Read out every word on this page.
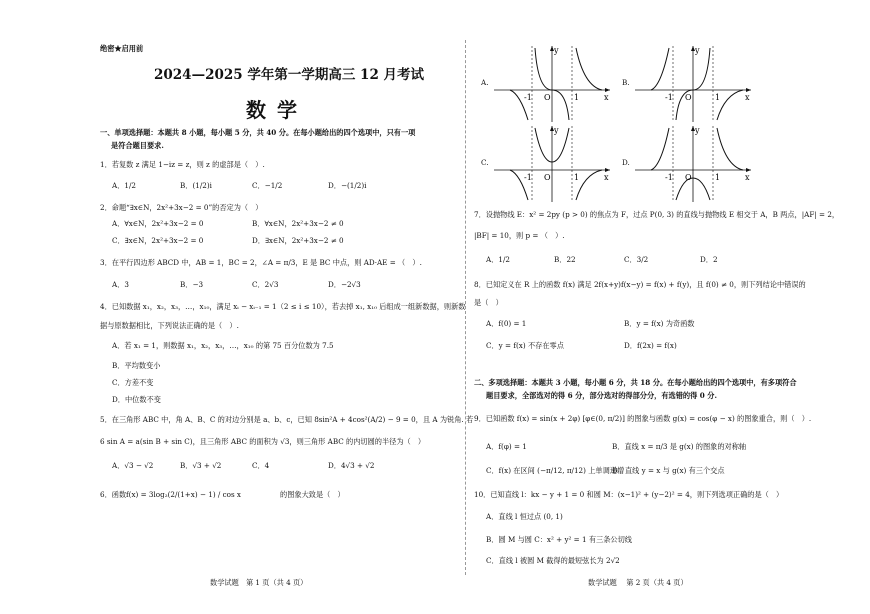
绝密★启用前
2024—2025 学年第一学期高三 12 月考试
数 学
一、单项选择题：本题共 8 小题，每小题 5 分，共 40 分。在每小题给出的四个选项中，只有一项
是符合题目要求.
1．若复数 z 满足 1−iz = z，则 z 的虚部是（　）.
A．1/2	B．(1/2)i	C．−1/2	D．−(1/2)i
2．命题“∃x∈N，2x²+3x−2 = 0”的否定为（　）
A．∀x∈N，2x²+3x−2 = 0	B．∀x∈N，2x²+3x−2 ≠ 0
C．∃x∈N，2x²+3x−2 = 0	D．∃x∈N，2x²+3x−2 ≠ 0
3．在平行四边形 ABCD 中，AB = 1，BC = 2，∠A = π/3，E 是 BC 中点，则 AD·AE = （　）.
A．3	B．−3	C．2√3	D．−2√3
4．已知数据 x₁，x₂，x₃，…，x₁₀，满足 xᵢ − xᵢ₋₁ = 1（2 ≤ i ≤ 10），若去掉 x₁, x₁₀ 后组成一组新数据，则新数
据与原数据相比，下列说法正确的是（　）.
A．若 x₁ = 1，则数据 x₁，x₂，x₃，…，x₁₀ 的第 75 百分位数为 7.5
B．平均数变小
C．方差不变
D．中位数不变
5．在三角形 ABC 中，角 A、B、C 的对边分别是 a、b、c，已知 8sin²A + 4cos²(A/2) − 9 = 0，且 A 为锐角. 若
6 sin A = a(sin B + sin C)，且三角形 ABC 的面积为 √3，则三角形 ABC 的内切圆的半径为（　）
A．√3 − √2	B．√3 + √2	C．4	D．4√3 + √2
6．函数 f(x) = 3log₂(2/(1+x) − 1) / cos x	的图象大致是（　）
数学试题　第 1 页（共 4 页）
A.
y
x
O
-1	1
B.
y
x
O
-1	1
C.
y
x
O
-1	1
D.
y
x
O
-1	1
7．设抛物线 E：x² = 2py (p > 0) 的焦点为 F，过点 P(0, 3) 的直线与抛物线 E 相交于 A，B 两点，|AF| = 2，
|BF| = 10，则 p = （　）.
A．1/2	B．22	C．3/2	D．2
8．已知定义在 R 上的函数 f(x) 满足 2f(x+y)f(x−y) = f(x) + f(y)，且 f(0) ≠ 0，则下列结论中错误的
是（　）
A．f(0) = 1	B．y = f(x) 为奇函数
C．y = f(x) 不存在零点	D．f(2x) = f(x)
二、多项选择题：本题共 3 小题，每小题 6 分，共 18 分。在每小题给出的四个选项中，有多项符合
题目要求，全部选对的得 6 分，部分选对的得部分分，有选错的得 0 分.
9．已知函数 f(x) = sin(x + 2φ) [φ∈(0, π/2)] 的图象与函数 g(x) = cos(φ − x) 的图象重合，则（　）.
A．f(φ) = 1	B．直线 x = π/3 是 g(x) 的图象的对称轴
C．f(x) 在区间 (−π/12, π/12) 上单调递增
D．直线 y = x 与 g(x) 有三个交点
10．已知直线 l：kx − y + 1 = 0 和圆 M：(x−1)² + (y−2)² = 4，则下列选项正确的是（　）
A．直线 l 恒过点 (0, 1)
B．圆 M 与圆 C：x² + y² = 1 有三条公切线
C．直线 l 被圆 M 截得的最短弦长为 2√2
数学试题　 第 2 页（共 4 页）
